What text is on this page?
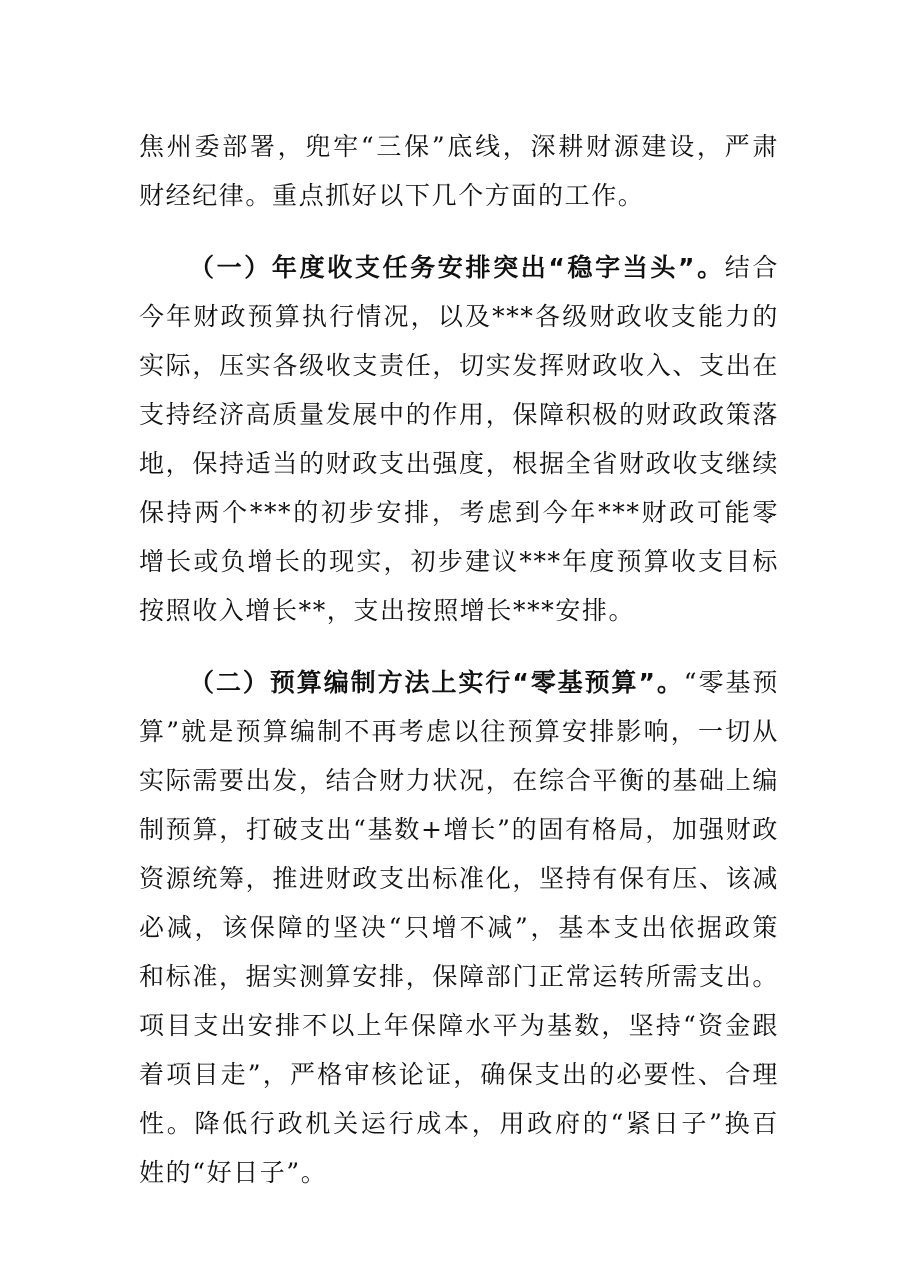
焦州委部署，兜牢“三保”底线，深耕财源建设，严肃财经纪律。重点抓好以下几个方面的工作。

（一）年度收支任务安排突出“稳字当头”。结合今年财政预算执行情况，以及***各级财政收支能力的实际，压实各级收支责任，切实发挥财政收入、支出在支持经济高质量发展中的作用，保障积极的财政政策落地，保持适当的财政支出强度，根据全省财政收支继续保持两个***的初步安排，考虑到今年***财政可能零增长或负增长的现实，初步建议***年度预算收支目标按照收入增长**，支出按照增长***安排。

（二）预算编制方法上实行“零基预算”。“零基预算”就是预算编制不再考虑以往预算安排影响，一切从实际需要出发，结合财力状况，在综合平衡的基础上编制预算，打破支出“基数+增长”的固有格局，加强财政资源统筹，推进财政支出标准化，坚持有保有压、该减必减，该保障的坚决“只增不减”，基本支出依据政策和标准，据实测算安排，保障部门正常运转所需支出。项目支出安排不以上年保障水平为基数，坚持“资金跟着项目走”，严格审核论证，确保支出的必要性、合理性。降低行政机关运行成本，用政府的“紧日子”换百姓的“好日子”。
